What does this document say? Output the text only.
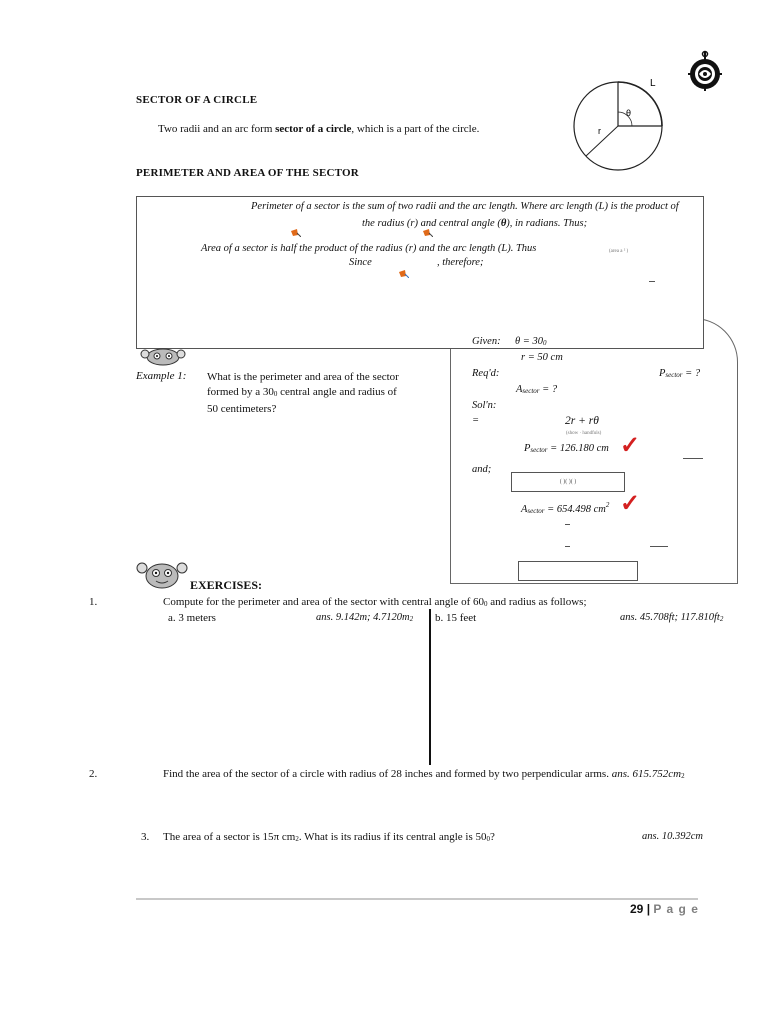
SECTOR OF A CIRCLE
Two radii and an arc form sector of a circle, which is a part of the circle.
L
θ
r
PERIMETER AND AREA OF THE SECTOR
Perimeter of a sector is the sum of two radii and the arc length. Where arc length (L) is the product of
the radius (r) and central angle (θ), in radians. Thus;
Area of a sector is half the product of the radius (r) and the arc length (L). Thus	(area a ² )
Since	, therefore;
Example 1: What is the perimeter and area of the sector formed by a 300 central angle and radius of 50 centimeters?
Given: θ = 300
r = 50 cm
Req'd:	Psector = ?
Asector = ?
Sol'n:
=	2r + rθ
(show · handfuls)
Psector = 126.180 cm ✓
and;
( )( )( )
Asector = 654.498 $cm^2$ ✓
EXERCISES:
1.	Compute for the perimeter and area of the sector with central angle of 600 and radius as follows;
a. 3 meters	ans. 9.142m; 4.7120m2 b. 15 feet	ans. 45.708ft; 117.810ft2
2.	Find the area of the sector of a circle with radius of 28 inches and formed by two perpendicular arms. ans. 615.752cm2
3. The area of a sector is 15π cm2. What is its radius if its central angle is 500?	ans. 10.392cm
29 | P a g e
